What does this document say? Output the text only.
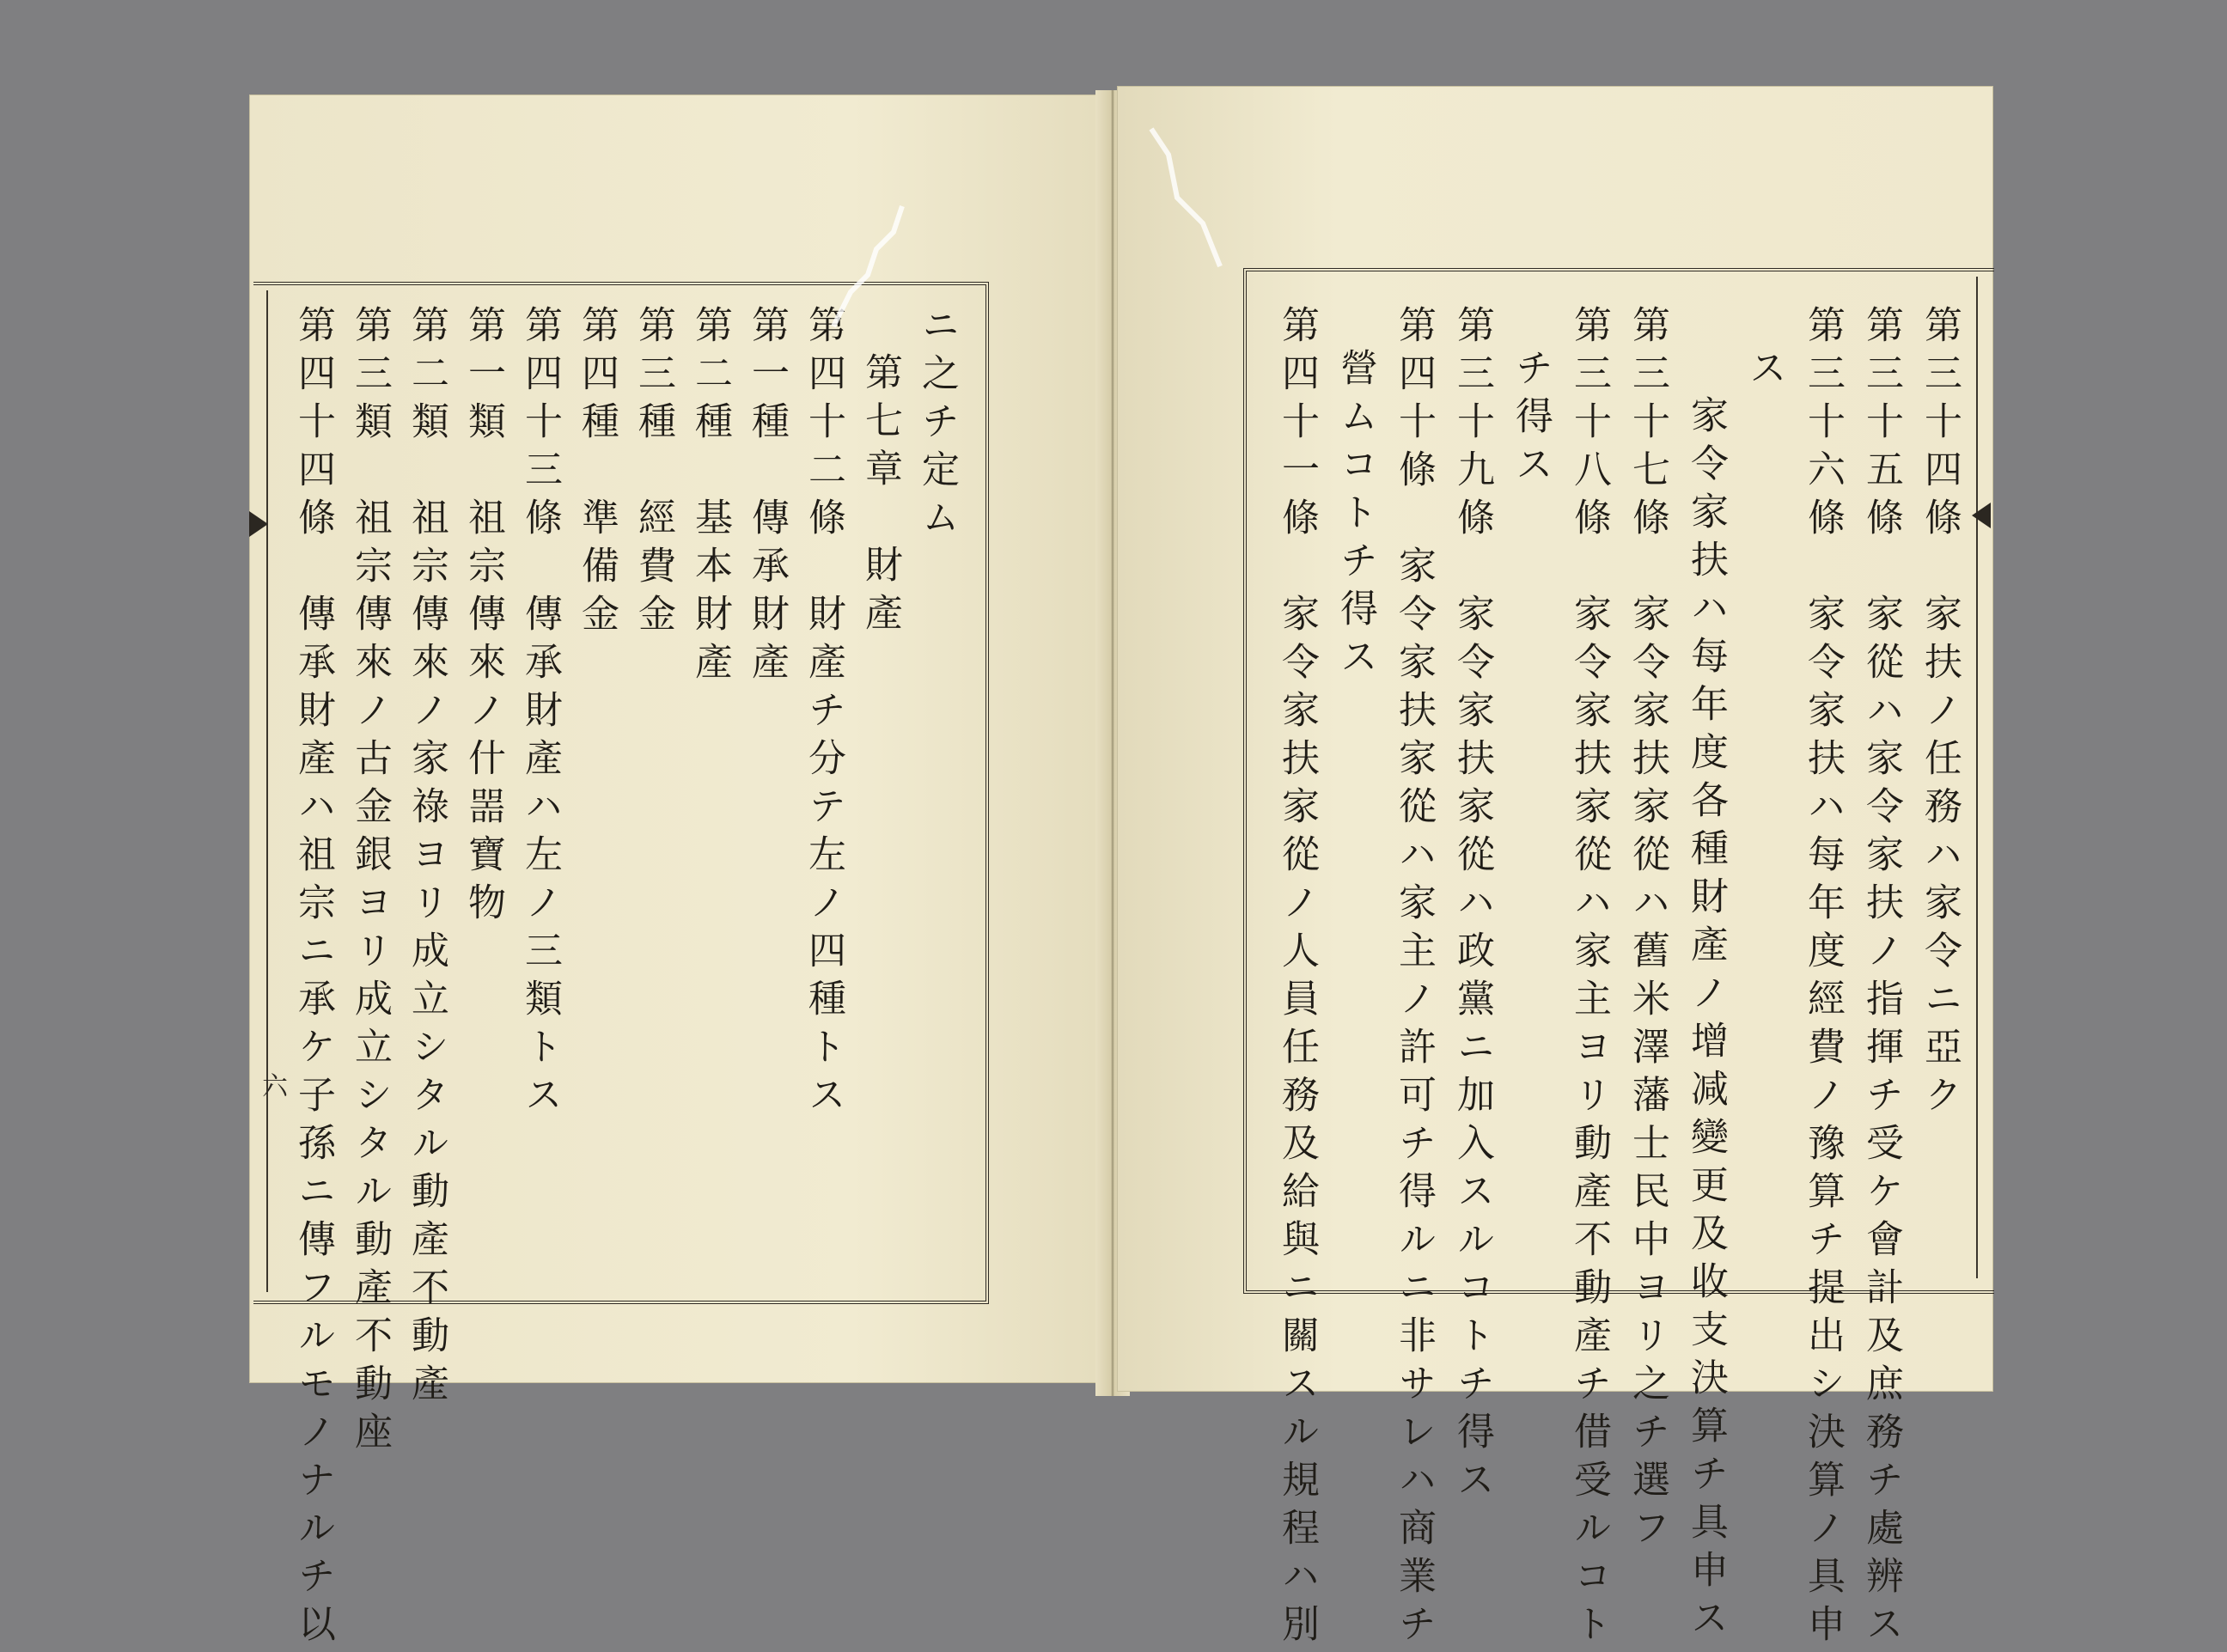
六
ニ之チ定ム
第七章　財產
第四十二條　財產チ分テ左ノ四種トス
第一種　傳承財產
第二種　基本財產
第三種　經費金
第四種　準備金
第四十三條　傳承財產ハ左ノ三類トス
第一類　祖宗傳來ノ什噐寶物
第二類　祖宗傳來ノ家祿ヨリ成立シタル動產不動產
第三類　祖宗傳來ノ古金銀ヨリ成立シタル動產不動座
第四十四條　傳承財產ハ祖宗ニ承ケ子孫ニ傳フルモノナルチ以	第三十四條　家扶ノ任務ハ家令ニ亞ク
第三十五條　家從ハ家令家扶ノ指揮チ受ケ會計及庶務チ處辨ス
第三十六條　家令家扶ハ每年度經費ノ豫算チ提出シ決算ノ具申
ス
家令家扶ハ每年度各種財產ノ增减變更及收支決算チ具申ス
第三十七條　家令家扶家從ハ舊米澤藩士民中ヨリ之チ選フ
第三十八條　家令家扶家從ハ家主ヨリ動產不動產チ借受ルコト
チ得ス
第三十九條　家令家扶家從ハ政黨ニ加入スルコトチ得ス
第四十條　家令家扶家從ハ家主ノ許可チ得ルニ非サレハ商業チ
營ムコトチ得ス
第四十一條　家令家扶家從ノ人員任務及給與ニ關スル規程ハ別
